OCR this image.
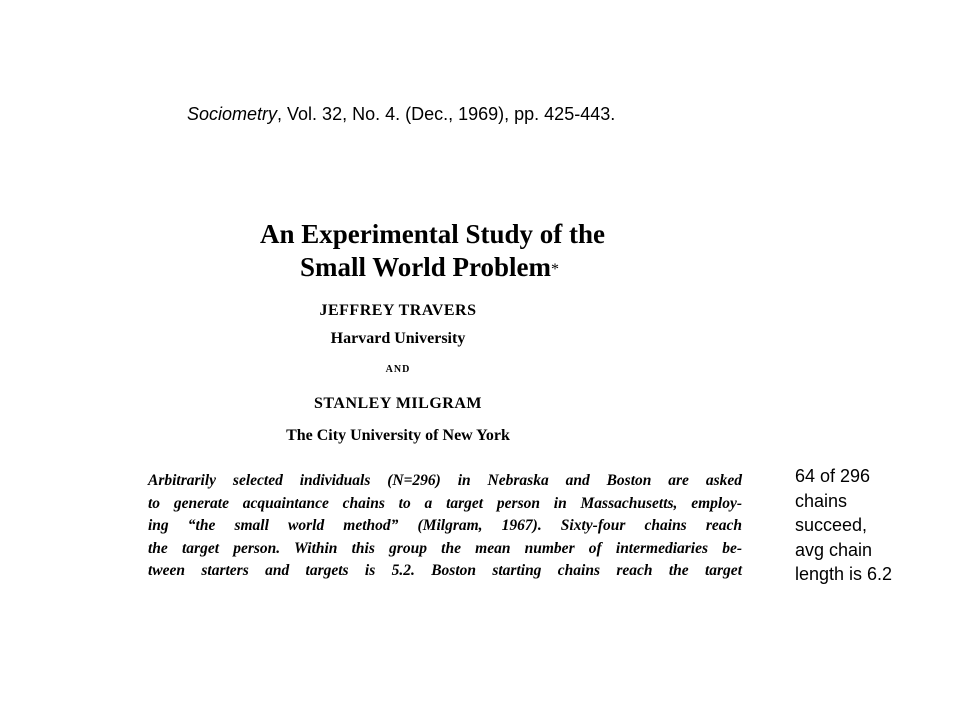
Sociometry, Vol. 32, No. 4. (Dec., 1969), pp. 425-443.
An Experimental Study of the
Small World Problem*
JEFFREY TRAVERS
Harvard University
AND
STANLEY MILGRAM
The City University of New York
Arbitrarily selected individuals (N=296) in Nebraska and Boston are asked
to generate acquaintance chains to a target person in Massachusetts, employ-
ing “the small world method” (Milgram, 1967). Sixty-four chains reach
the target person. Within this group the mean number of intermediaries be-
tween starters and targets is 5.2. Boston starting chains reach the target
64 of 296 chains succeed, avg chain length is 6.2
